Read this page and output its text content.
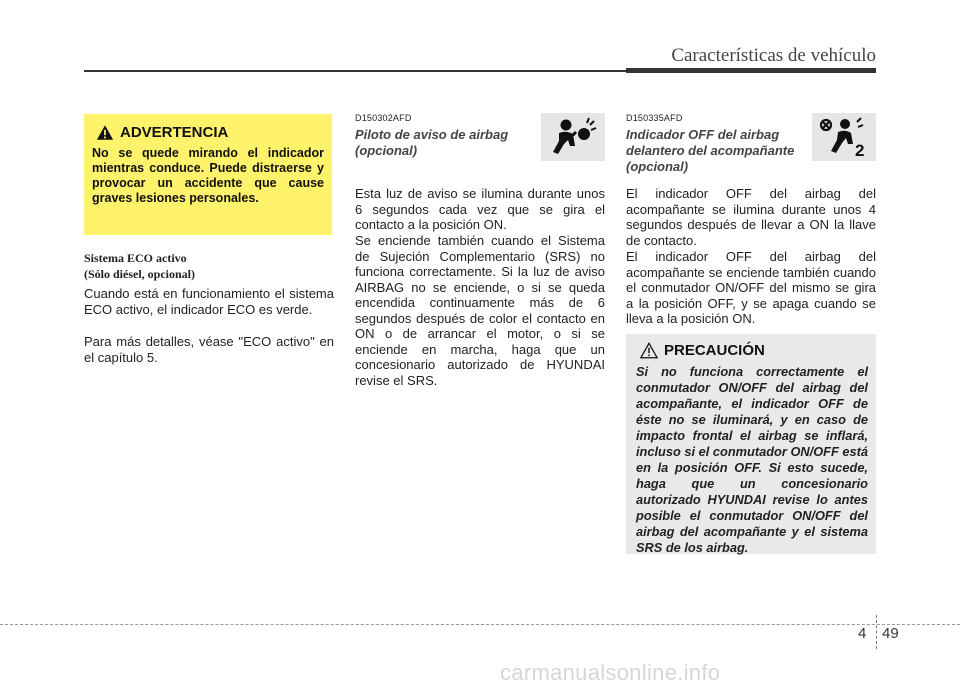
Características de vehículo
ADVERTENCIA
No se quede mirando el indicador mientras conduce. Puede distraerse y provocar un accidente que cause graves lesiones personales.
Sistema ECO activo
(Sólo diésel, opcional)
Cuando está en funcionamiento el sistema ECO activo, el indicador ECO es verde.
Para más detalles, véase "ECO activo" en el capítulo 5.
D150302AFD
Piloto de aviso de airbag (opcional)
Esta luz de aviso se ilumina durante unos 6 segundos cada vez que se gira el contacto a la posición ON.
Se enciende también cuando el Sistema de Sujeción Complementario (SRS) no funciona correctamente. Si la luz de aviso AIRBAG no se enciende, o si se queda encendida continuamente más de 6 segundos después de color el contacto en ON o de arrancar el motor, o si se enciende en marcha, haga que un concesionario autorizado de HYUNDAI revise el SRS.
D150335AFD
Indicador OFF del airbag delantero del acompañante (opcional)
2
El indicador OFF del airbag del acompañante se ilumina durante unos 4 segundos después de llevar a ON la llave de contacto.
El indicador OFF del airbag del acompañante se enciende también cuando el conmutador ON/OFF del mismo se gira a la posición OFF, y se apaga cuando se lleva a la posición ON.
PRECAUCIÓN
Si no funciona correctamente el conmutador ON/OFF del airbag del acompañante, el indicador OFF de éste no se iluminará, y en caso de impacto frontal el airbag se inflará, incluso si el conmutador ON/OFF está en la posición OFF. Si esto sucede, haga que un concesionario autorizado HYUNDAI revise lo antes posible el conmutador ON/OFF del airbag del acompañante y el sistema SRS de los airbag.
4 49
carmanualsonline.info
